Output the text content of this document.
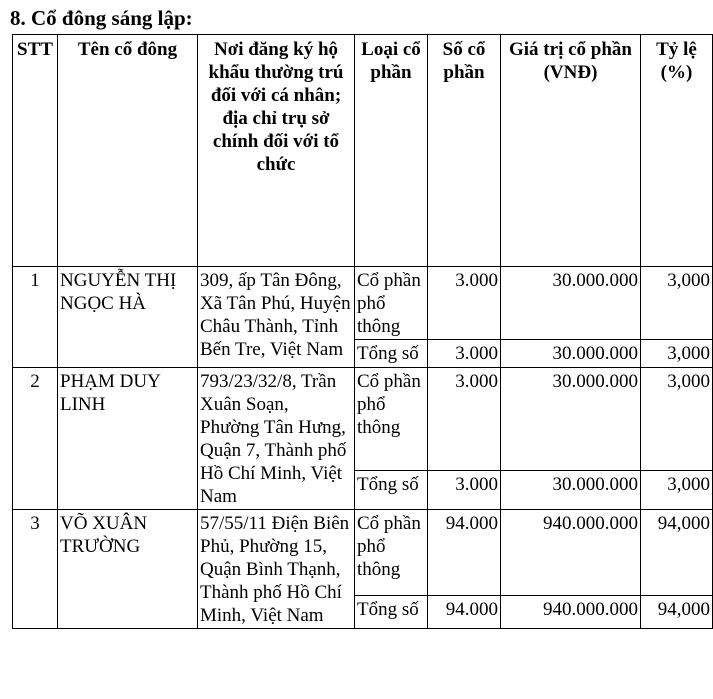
8. Cổ đông sáng lập:
STT	Tên cổ đông	Nơi đăng ký hộ khẩu thường trú đối với cá nhân; địa chỉ trụ sở chính đối với tổ chức	Loại cổ phần	Số cổ phần	Giá trị cổ phần (VNĐ)	Tỷ lệ (%)
1	NGUYỄN THỊ NGỌC HÀ	309, ấp Tân Đông, Xã Tân Phú, Huyện Châu Thành, Tỉnh Bến Tre, Việt Nam	Cổ phần phổ thông	3.000	30.000.000	3,000
			Tổng số	3.000	30.000.000	3,000
2	PHẠM DUY LINH	793/23/32/8, Trần Xuân Soạn, Phường Tân Hưng, Quận 7, Thành phố Hồ Chí Minh, Việt Nam	Cổ phần phổ thông	3.000	30.000.000	3,000
			Tổng số	3.000	30.000.000	3,000
3	VÕ XUÂN TRƯỜNG	57/55/11 Điện Biên Phủ, Phường 15, Quận Bình Thạnh, Thành phố Hồ Chí Minh, Việt Nam	Cổ phần phổ thông	94.000	940.000.000	94,000
			Tổng số	94.000	940.000.000	94,000
